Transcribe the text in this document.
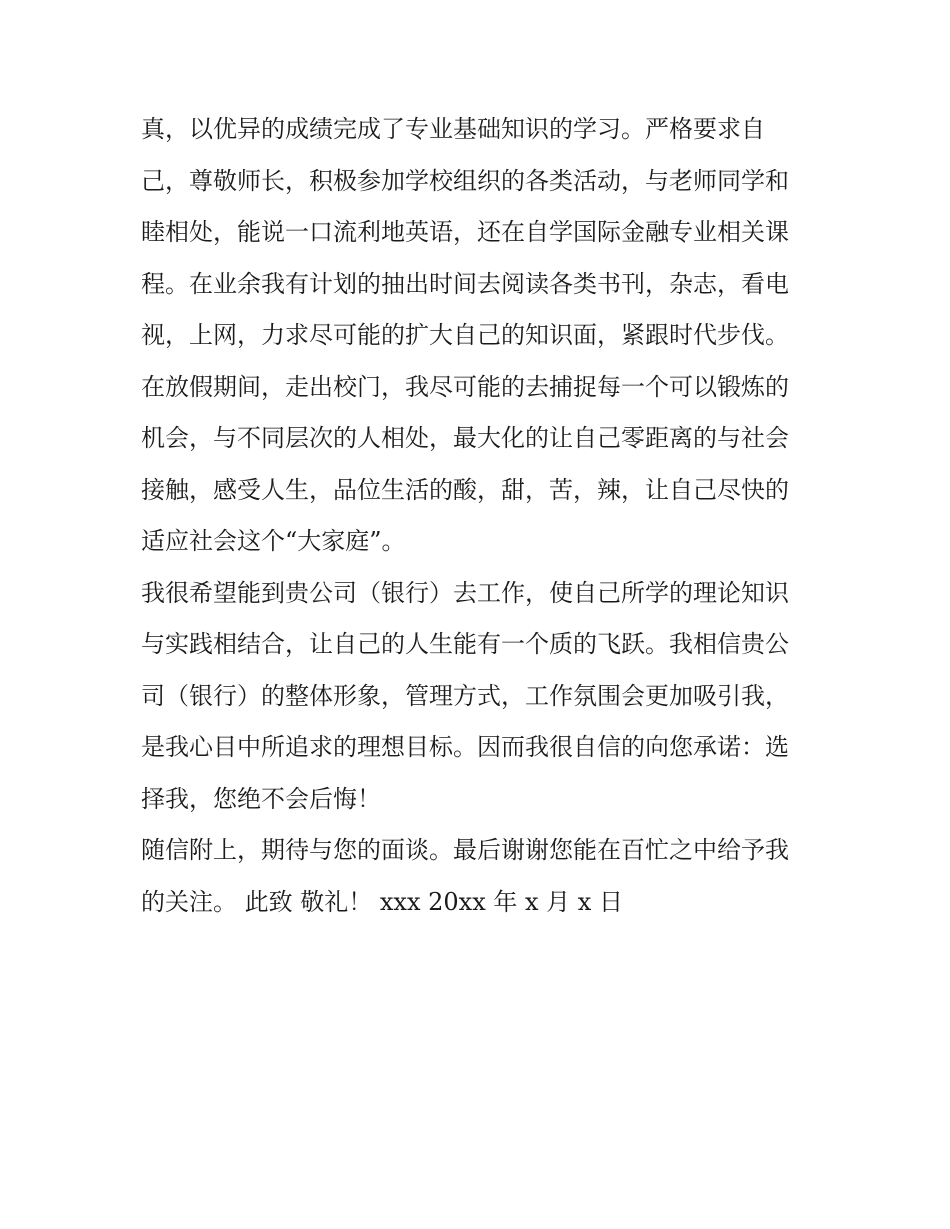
真，以优异的成绩完成了专业基础知识的学习。严格要求自
己，尊敬师长，积极参加学校组织的各类活动，与老师同学和
睦相处，能说一口流利地英语，还在自学国际金融专业相关课
程。在业余我有计划的抽出时间去阅读各类书刊，杂志，看电
视，上网，力求尽可能的扩大自己的知识面，紧跟时代步伐。
在放假期间，走出校门，我尽可能的去捕捉每一个可以锻炼的
机会，与不同层次的人相处，最大化的让自己零距离的与社会
接触，感受人生，品位生活的酸，甜，苦，辣，让自己尽快的
适应社会这个“大家庭”。
我很希望能到贵公司（银行）去工作，使自己所学的理论知识
与实践相结合，让自己的人生能有一个质的飞跃。我相信贵公
司（银行）的整体形象，管理方式，工作氛围会更加吸引我，
是我心目中所追求的理想目标。因而我很自信的向您承诺：选
择我，您绝不会后悔！
随信附上，期待与您的面谈。最后谢谢您能在百忙之中给予我
的关注。 此致 敬礼！ xxx 20xx 年 x 月 x 日
